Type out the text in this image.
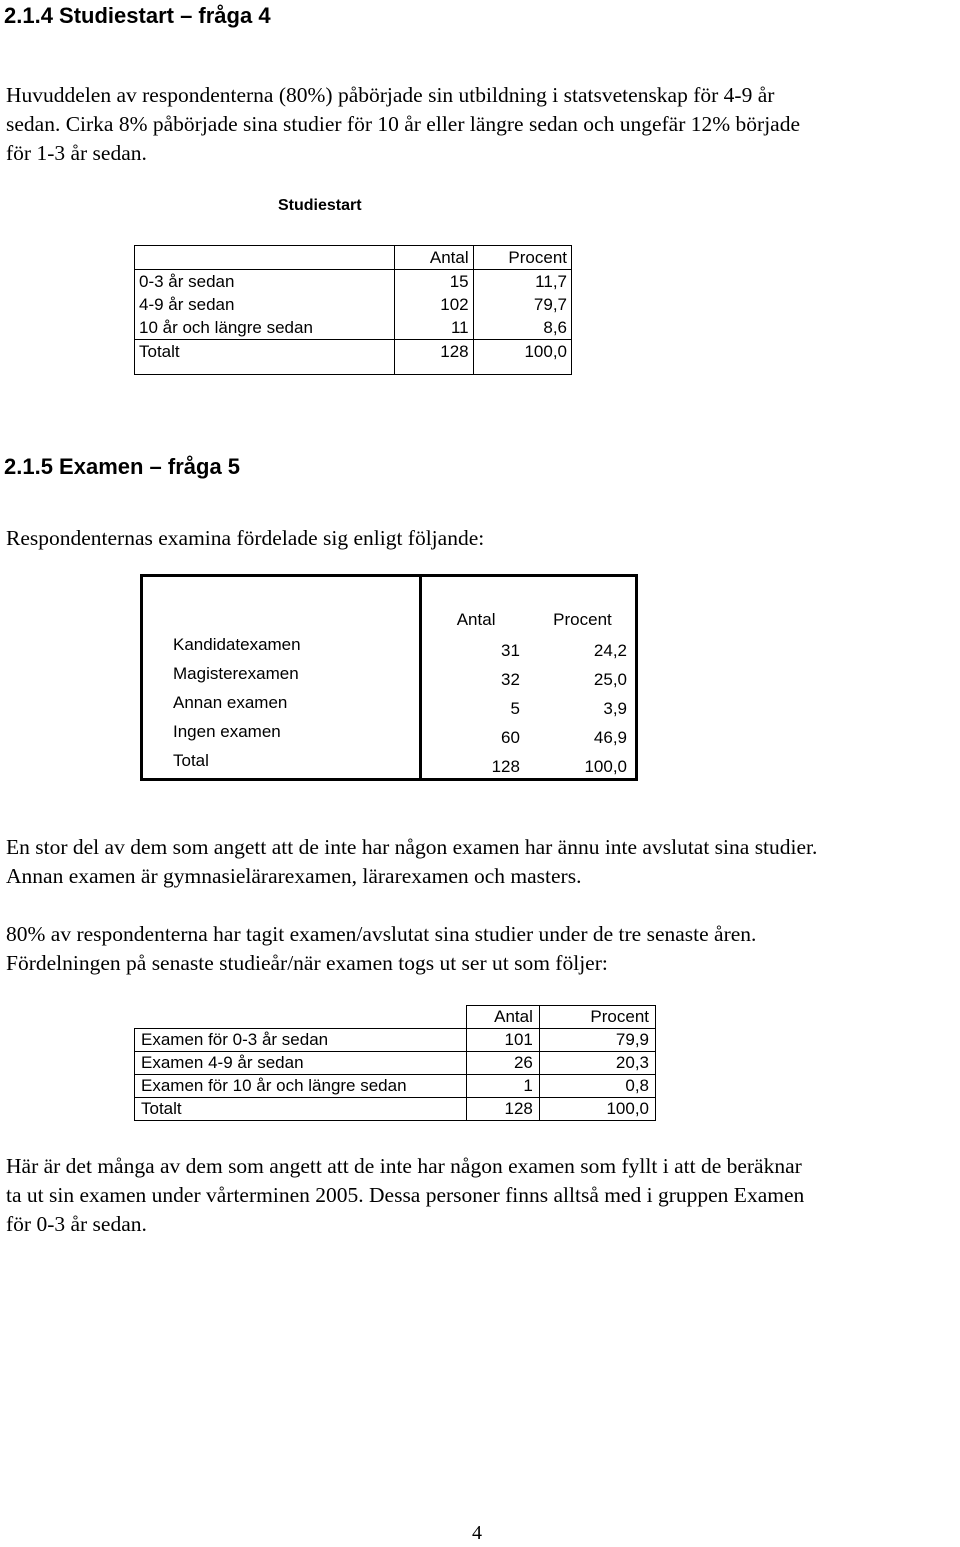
2.1.4 Studiestart – fråga 4

Huvuddelen av respondenterna (80%) påbörjade sin utbildning i statsvetenskap för 4-9 år

sedan. Cirka 8% påbörjade sina studier för 10 år eller längre sedan och ungefär 12% började

för 1-3 år sedan.

Studiestart
	Antal	Procent
0-3 år sedan	15	11,7
4-9 år sedan	102	79,7
10 år och längre sedan	11	8,6
Totalt	128	100,0
2.1.5 Examen – fråga 5

Respondenternas examina fördelade sig enligt följande:

	Antal	Procent
Kandidatexamen	31	24,2
Magisterexamen	32	25,0
Annan examen	5	3,9
Ingen examen	60	46,9
Total	128	100,0

En stor del av dem som angett att de inte har någon examen har ännu inte avslutat sina studier.

Annan examen är gymnasielärarexamen, lärarexamen och masters.

80% av respondenterna har tagit examen/avslutat sina studier under de tre senaste åren.

Fördelningen på senaste studieår/när examen togs ut ser ut som följer:

	Antal	Procent
Examen för 0-3 år sedan	101	79,9
Examen 4-9 år sedan	26	20,3
Examen för 10 år och längre sedan	1	0,8
Totalt	128	100,0

Här är det många av dem som angett att de inte har någon examen som fyllt i att de beräknar

ta ut sin examen under vårterminen 2005. Dessa personer finns alltså med i gruppen Examen

för 0-3 år sedan.

4
